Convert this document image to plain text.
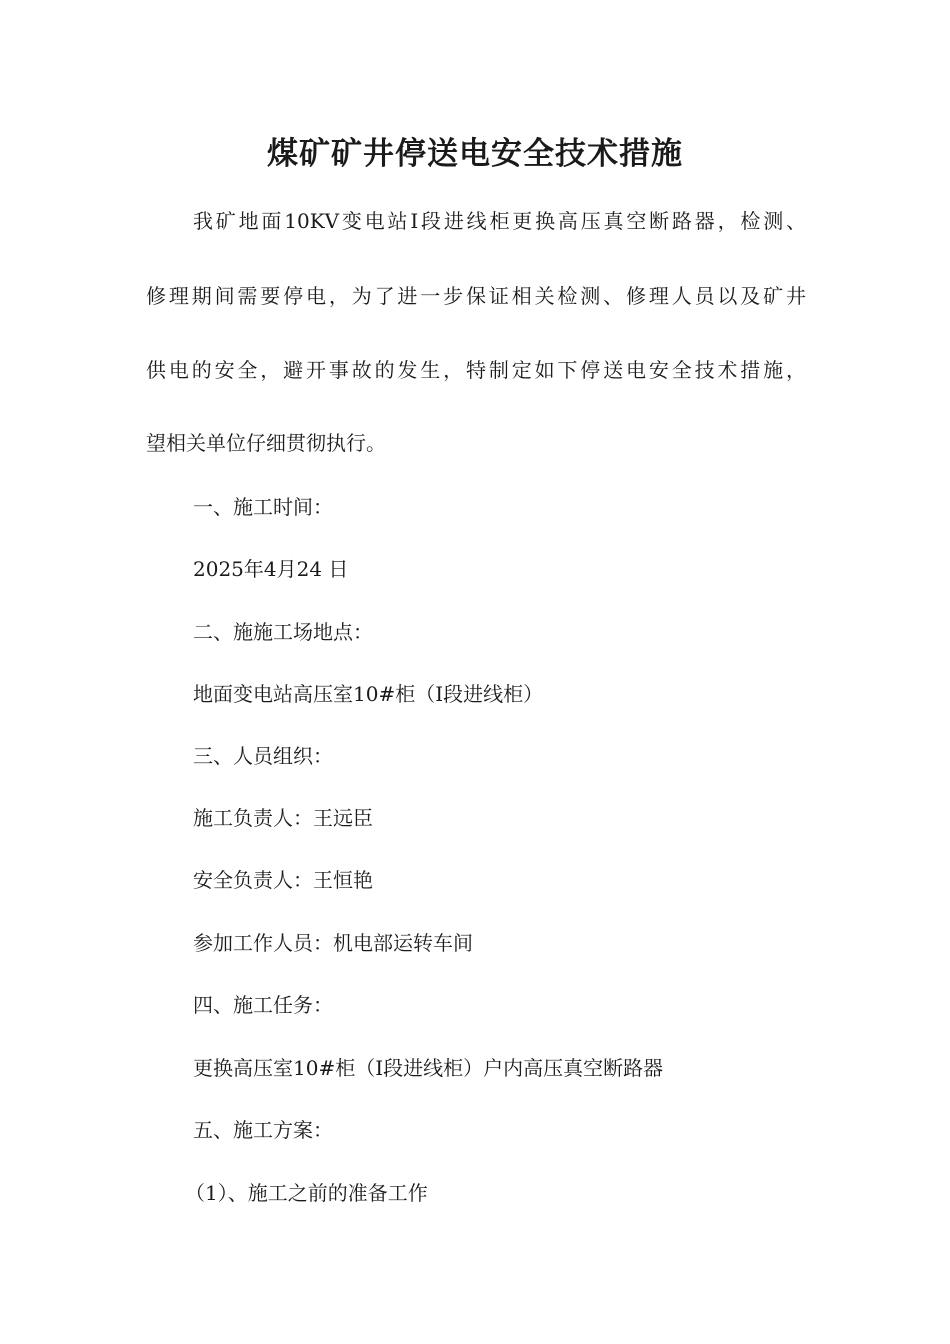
煤矿矿井停送电安全技术措施

我矿地面10KV变电站Ⅰ段进线柜更换高压真空断路器，检测、

修理期间需要停电，为了进一步保证相关检测、修理人员以及矿井

供电的安全，避开事故的发生，特制定如下停送电安全技术措施，

望相关单位仔细贯彻执行。

一、施工时间：

2025年4月24 日

二、施施工场地点：

地面变电站高压室10#柜（Ⅰ段进线柜）

三、人员组织：

施工负责人：王远臣

安全负责人：王恒艳

参加工作人员：机电部运转车间

四、施工任务：

更换高压室10#柜（Ⅰ段进线柜）户内高压真空断路器

五、施工方案：

（1）、施工之前的准备工作
